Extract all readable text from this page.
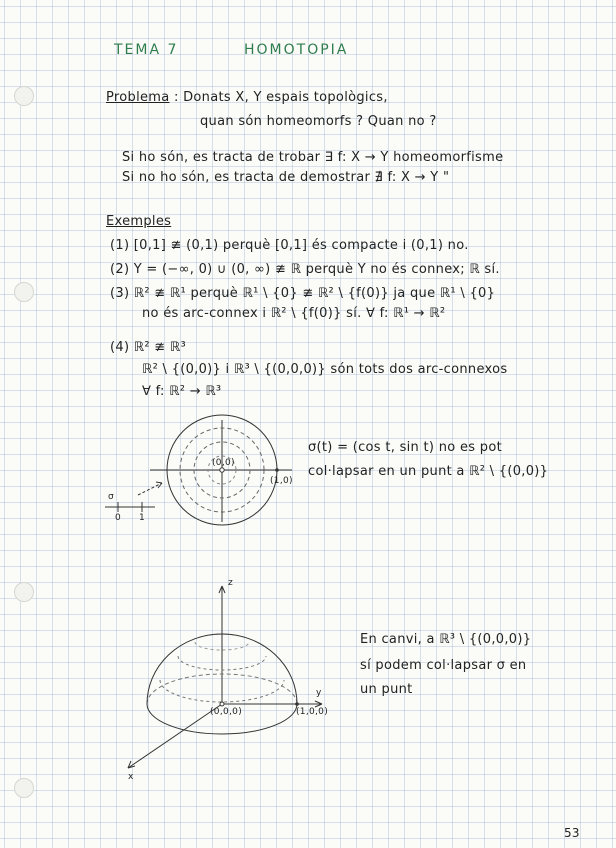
TEMA 7	HOMOTOPIA
Problema : Donats X, Y espais topològics,
quan són homeomorfs ? Quan no ?
Si ho són, es tracta de trobar ∃ f: X → Y homeomorfisme
Si no ho són, es tracta de demostrar ∄ f: X → Y "
Exemples
(1) [0,1] ≇ (0,1) perquè [0,1] és compacte i (0,1) no.
(2) Y = (−∞, 0) ∪ (0, ∞) ≇ ℝ perquè Y no és connex; ℝ sí.
(3) ℝ² ≇ ℝ¹ perquè ℝ¹ \ {0} ≇ ℝ² \ {f(0)} ja que ℝ¹ \ {0}
no és arc-connex i ℝ² \ {f(0)} sí. ∀ f: ℝ¹ → ℝ²
(4) ℝ² ≇ ℝ³
ℝ² \ {(0,0)} i ℝ³ \ {(0,0,0)} són tots dos arc-connexos
∀ f: ℝ² → ℝ³
(0,0)
(1,0)
σ
0 1
σ(t) = (cos t, sin t) no es pot
col·lapsar en un punt a ℝ² \ {(0,0)}
z
y
x
(0,0,0)	(1,0,0)
En canvi, a ℝ³ \ {(0,0,0)}
sí podem col·lapsar σ en
un punt
53
